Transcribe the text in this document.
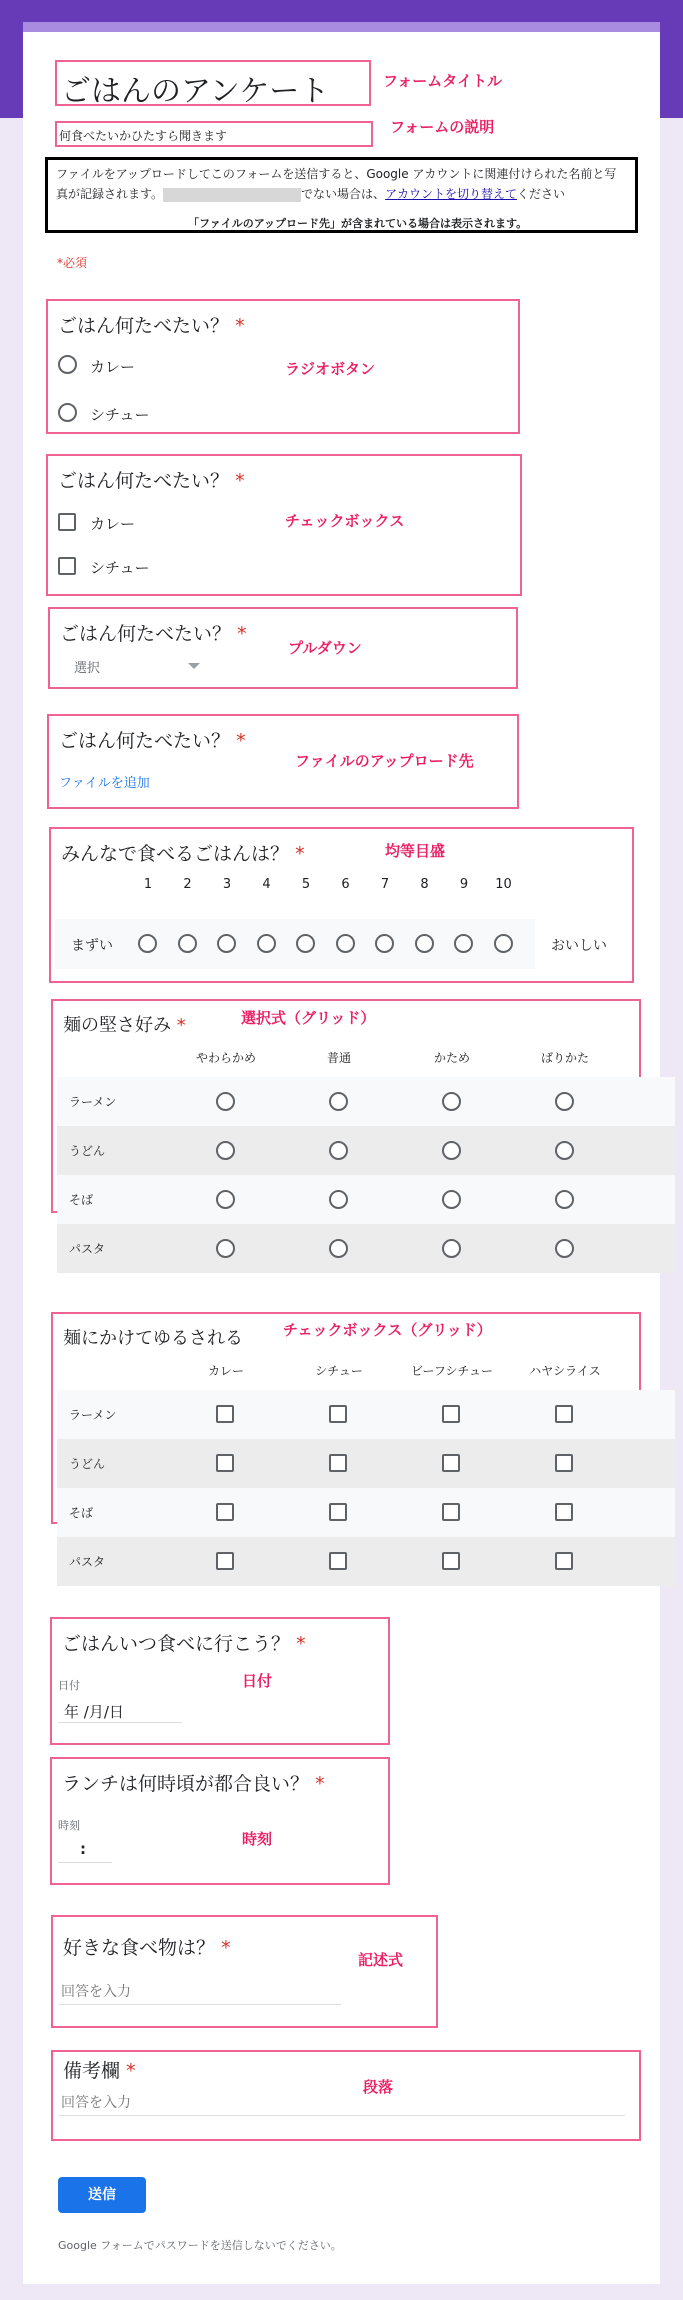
ごはんのアンケート	フォームタイトル
何食べたいかひたすら聞きます	フォームの説明
ファイルをアップロードしてこのフォームを送信すると、Google アカウントに関連付けられた名前と写真が記録されます。	でない場合は、アカウントを切り替えてください
「ファイルのアップロード先」が含まれている場合は表示されます。
*必須
ごはん何たべたい？ *
カレー
シチュー
ラジオボタン
ごはん何たべたい？ *
カレー
シチュー
チェックボックス
ごはん何たべたい？ *
選択
プルダウン
ごはん何たべたい？ *
ファイルを追加
ファイルのアップロード先
みんなで食べるごはんは？ *
1	2	3	4	5	6	7	8	9	10
まずい	おいしい
均等目盛
麺の堅さ好み *
やわらかめ	普通	かため	ばりかた
ラーメン
うどん
そば
パスタ
選択式（グリッド）
麺にかけてゆるされる
カレー	シチュー	ビーフシチュー	ハヤシライス
ラーメン
うどん
そば
パスタ
チェックボックス（グリッド）
ごはんいつ食べに行こう？ *
日付
年 /月/日
日付
ランチは何時頃が都合良い？ *
時刻
:
時刻
好きな食べ物は？ *
回答を入力
記述式
備考欄 *
回答を入力
段落
送信
Google フォームでパスワードを送信しないでください。
